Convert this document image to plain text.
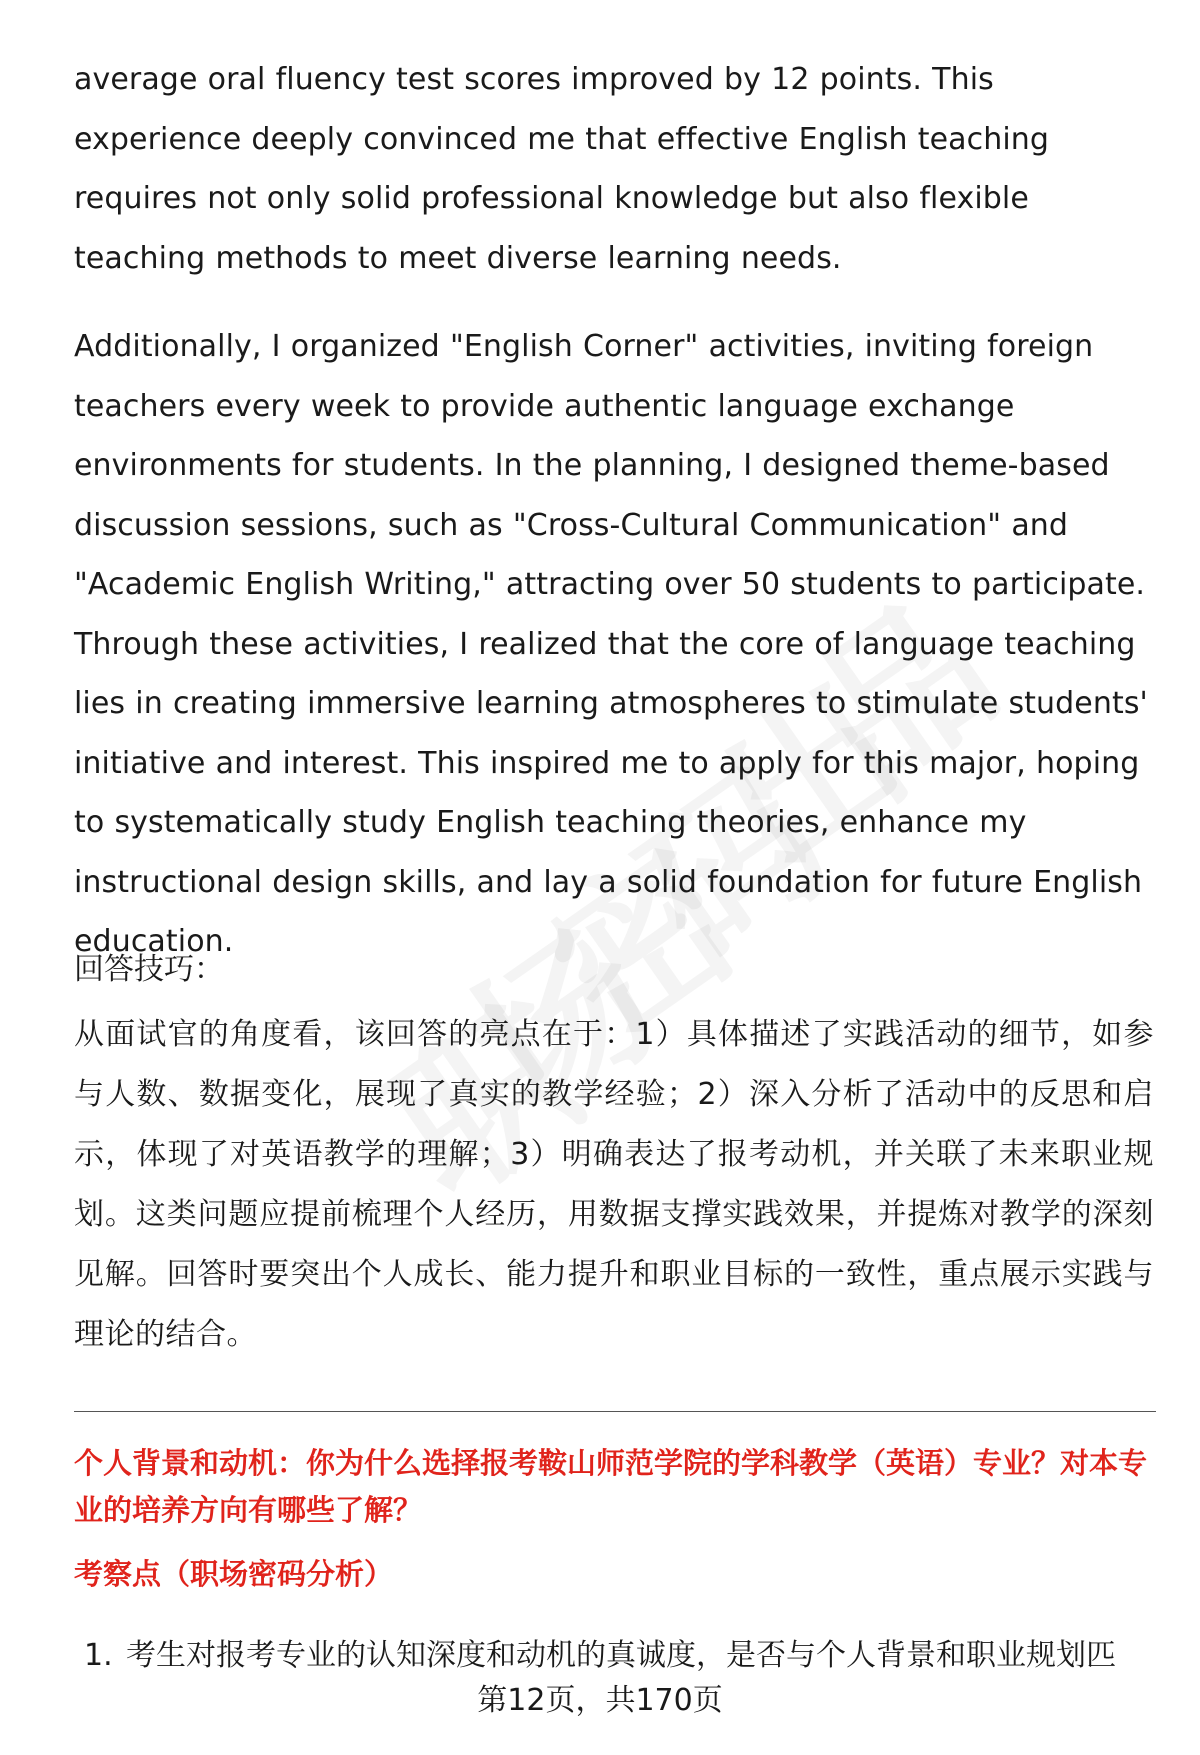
average oral fluency test scores improved by 12 points. This experience deeply convinced me that effective English teaching requires not only solid professional knowledge but also flexible teaching methods to meet diverse learning needs.

Additionally, I organized "English Corner" activities, inviting foreign teachers every week to provide authentic language exchange environments for students. In the planning, I designed theme-based discussion sessions, such as "Cross-Cultural Communication" and "Academic English Writing," attracting over 50 students to participate. Through these activities, I realized that the core of language teaching lies in creating immersive learning atmospheres to stimulate students' initiative and interest. This inspired me to apply for this major, hoping to systematically study English teaching theories, enhance my instructional design skills, and lay a solid foundation for future English education.

回答技巧：

从面试官的角度看，该回答的亮点在于：1）具体描述了实践活动的细节，如参与人数、数据变化，展现了真实的教学经验；2）深入分析了活动中的反思和启示，体现了对英语教学的理解；3）明确表达了报考动机，并关联了未来职业规划。这类问题应提前梳理个人经历，用数据支撑实践效果，并提炼对教学的深刻见解。回答时要突出个人成长、能力提升和职业目标的一致性，重点展示实践与理论的结合。

个人背景和动机：你为什么选择报考鞍山师范学院的学科教学（英语）专业？对本专业的培养方向有哪些了解？

考察点（职场密码分析）

1. 考生对报考专业的认知深度和动机的真诚度，是否与个人背景和职业规划匹
第12页，共170页
